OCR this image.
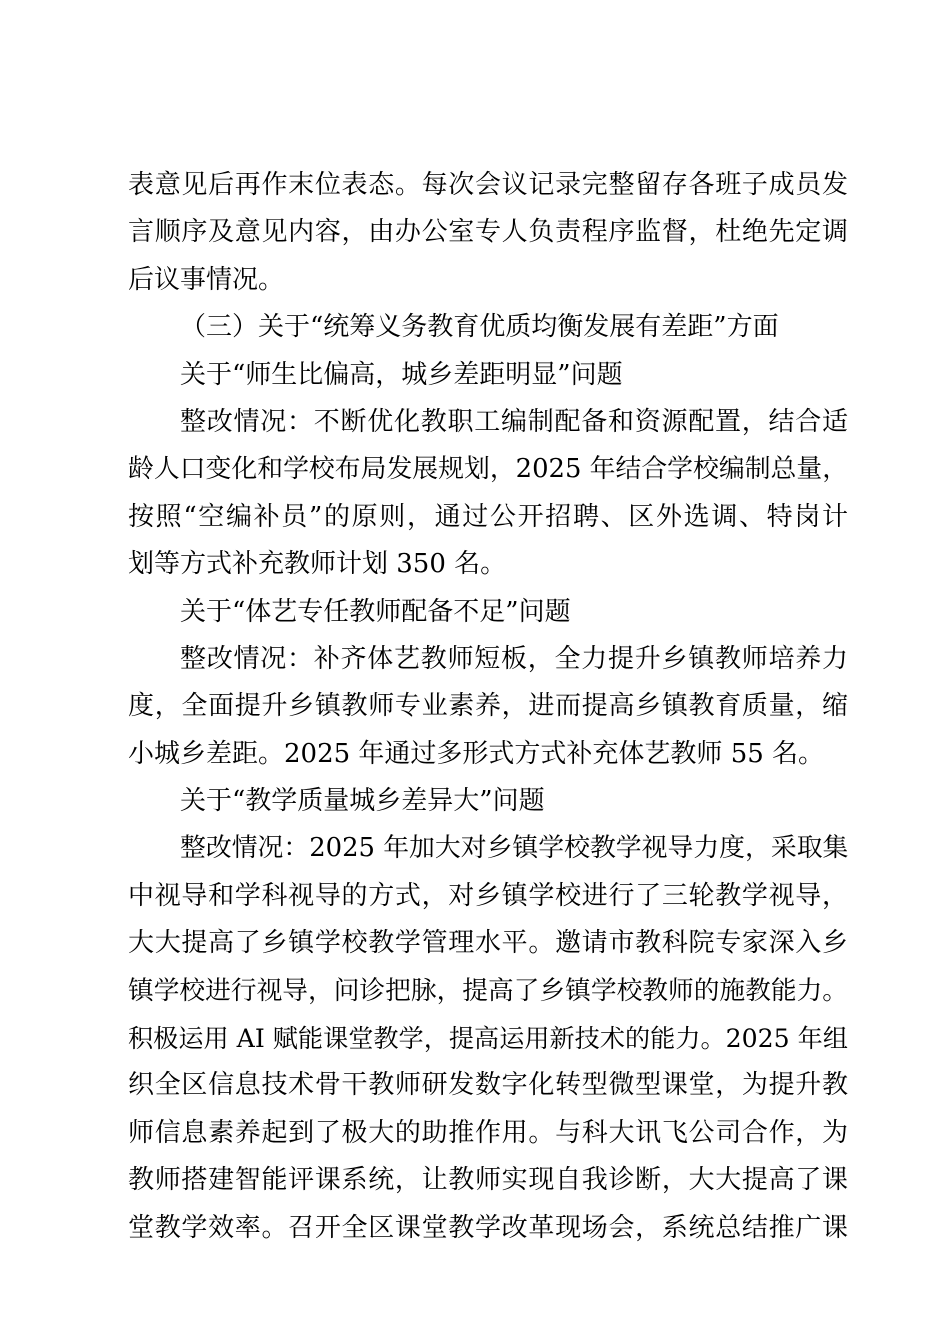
表意见后再作末位表态。每次会议记录完整留存各班子成员发
言顺序及意见内容，由办公室专人负责程序监督，杜绝先定调
后议事情况。
（三）关于“统筹义务教育优质均衡发展有差距”方面
关于“师生比偏高，城乡差距明显”问题
整改情况：不断优化教职工编制配备和资源配置，结合适
龄人口变化和学校布局发展规划，2025 年结合学校编制总量，
按照“空编补员”的原则，通过公开招聘、区外选调、特岗计
划等方式补充教师计划 350 名。
关于“体艺专任教师配备不足”问题
整改情况：补齐体艺教师短板，全力提升乡镇教师培养力
度，全面提升乡镇教师专业素养，进而提高乡镇教育质量，缩
小城乡差距。2025 年通过多形式方式补充体艺教师 55 名。
关于“教学质量城乡差异大”问题
整改情况：2025 年加大对乡镇学校教学视导力度，采取集
中视导和学科视导的方式，对乡镇学校进行了三轮教学视导，
大大提高了乡镇学校教学管理水平。邀请市教科院专家深入乡
镇学校进行视导，问诊把脉，提高了乡镇学校教师的施教能力。
积极运用 AI 赋能课堂教学，提高运用新技术的能力。2025 年组
织全区信息技术骨干教师研发数字化转型微型课堂，为提升教
师信息素养起到了极大的助推作用。与科大讯飞公司合作，为
教师搭建智能评课系统，让教师实现自我诊断，大大提高了课
堂教学效率。召开全区课堂教学改革现场会，系统总结推广课
